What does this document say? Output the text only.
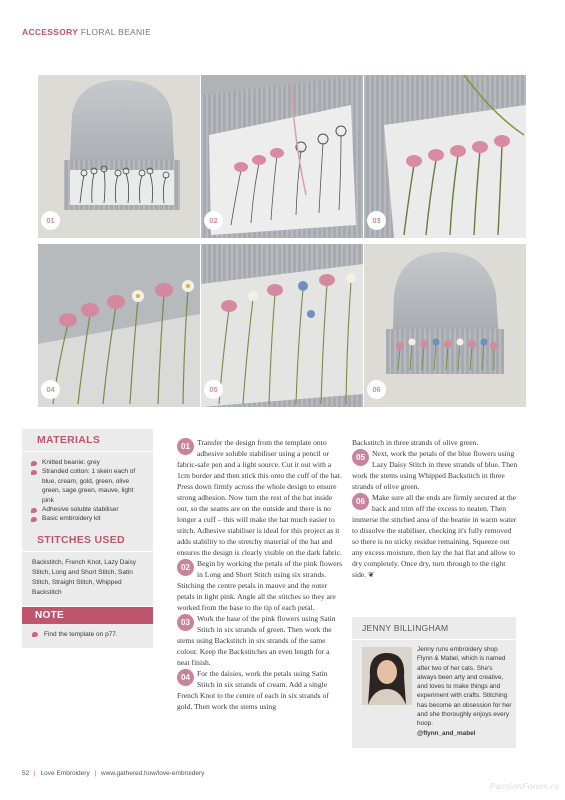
ACCESSORY FLORAL BEANIE
01	02	03
04	05	06
MATERIALS
Knitted beanie: grey
Stranded cotton: 1 skein each of blue, cream, gold, green, olive green, sage green, mauve, light pink
Adhesive soluble stabiliser
Basic embroidery kit
STITCHES USED
Backstitch, French Knot, Lazy Daisy Stitch, Long and Short Stitch, Satin Stitch, Straight Stitch, Whipped Backstitch
NOTE
Find the template on p77.

01 Transfer the design from the template onto adhesive soluble stabiliser using a pencil or fabric-safe pen and a light source. Cut it out with a 1cm border and then stick this onto the cuff of the hat. Press down firmly across the whole design to ensure strong adhesion. Now turn the rest of the hat inside out, so the seams are on the outside and there is no longer a cuff – this will make the hat much easier to stitch. Adhesive stabiliser is ideal for this project as it adds stability to the stretchy material of the hat and ensures the design is clearly visible on the dark fabric.

02 Begin by working the petals of the pink flowers in Long and Short Stitch using six strands. Stitching the centre petals in mauve and the outer petals in light pink. Angle all the stitches so they are worked from the base to the tip of each petal.

03 Work the base of the pink flowers using Satin Stitch in six strands of green. Then work the stems using Backstitch in six strands of the same colour. Keep the Backstitches an even length for a neat finish.

04 For the daisies, work the petals using Satin Stitch in six strands of cream. Add a single French Knot to the centre of each in six strands of gold. Then work the stems using

Backstitch in three strands of olive green.

05 Next, work the petals of the blue flowers using Lazy Daisy Stitch in three strands of blue. Then work the stems using Whipped Backstitch in three strands of olive green.

06 Make sure all the ends are firmly secured at the back and trim off the excess to neaten. Then immerse the stitched area of the beanie in warm water to dissolve the stabiliser, checking it's fully removed so there is no sticky residue remaining. Squeeze out any excess moisture, then lay the hat flat and allow to dry completely. Once dry, turn through to the right side. ❦

JENNY BILLINGHAM
Jenny runs embroidery shop Flynn & Mabel, which is named after two of her cats. She's always been arty and creative, and loves to make things and experiment with crafts. Stitching has become an obsession for her and she thoroughly enjoys every hoop.
@flynn_and_mabel
52 | Love Embroidery | www.gathered.how/love-embroidery
PassionForum.ru
